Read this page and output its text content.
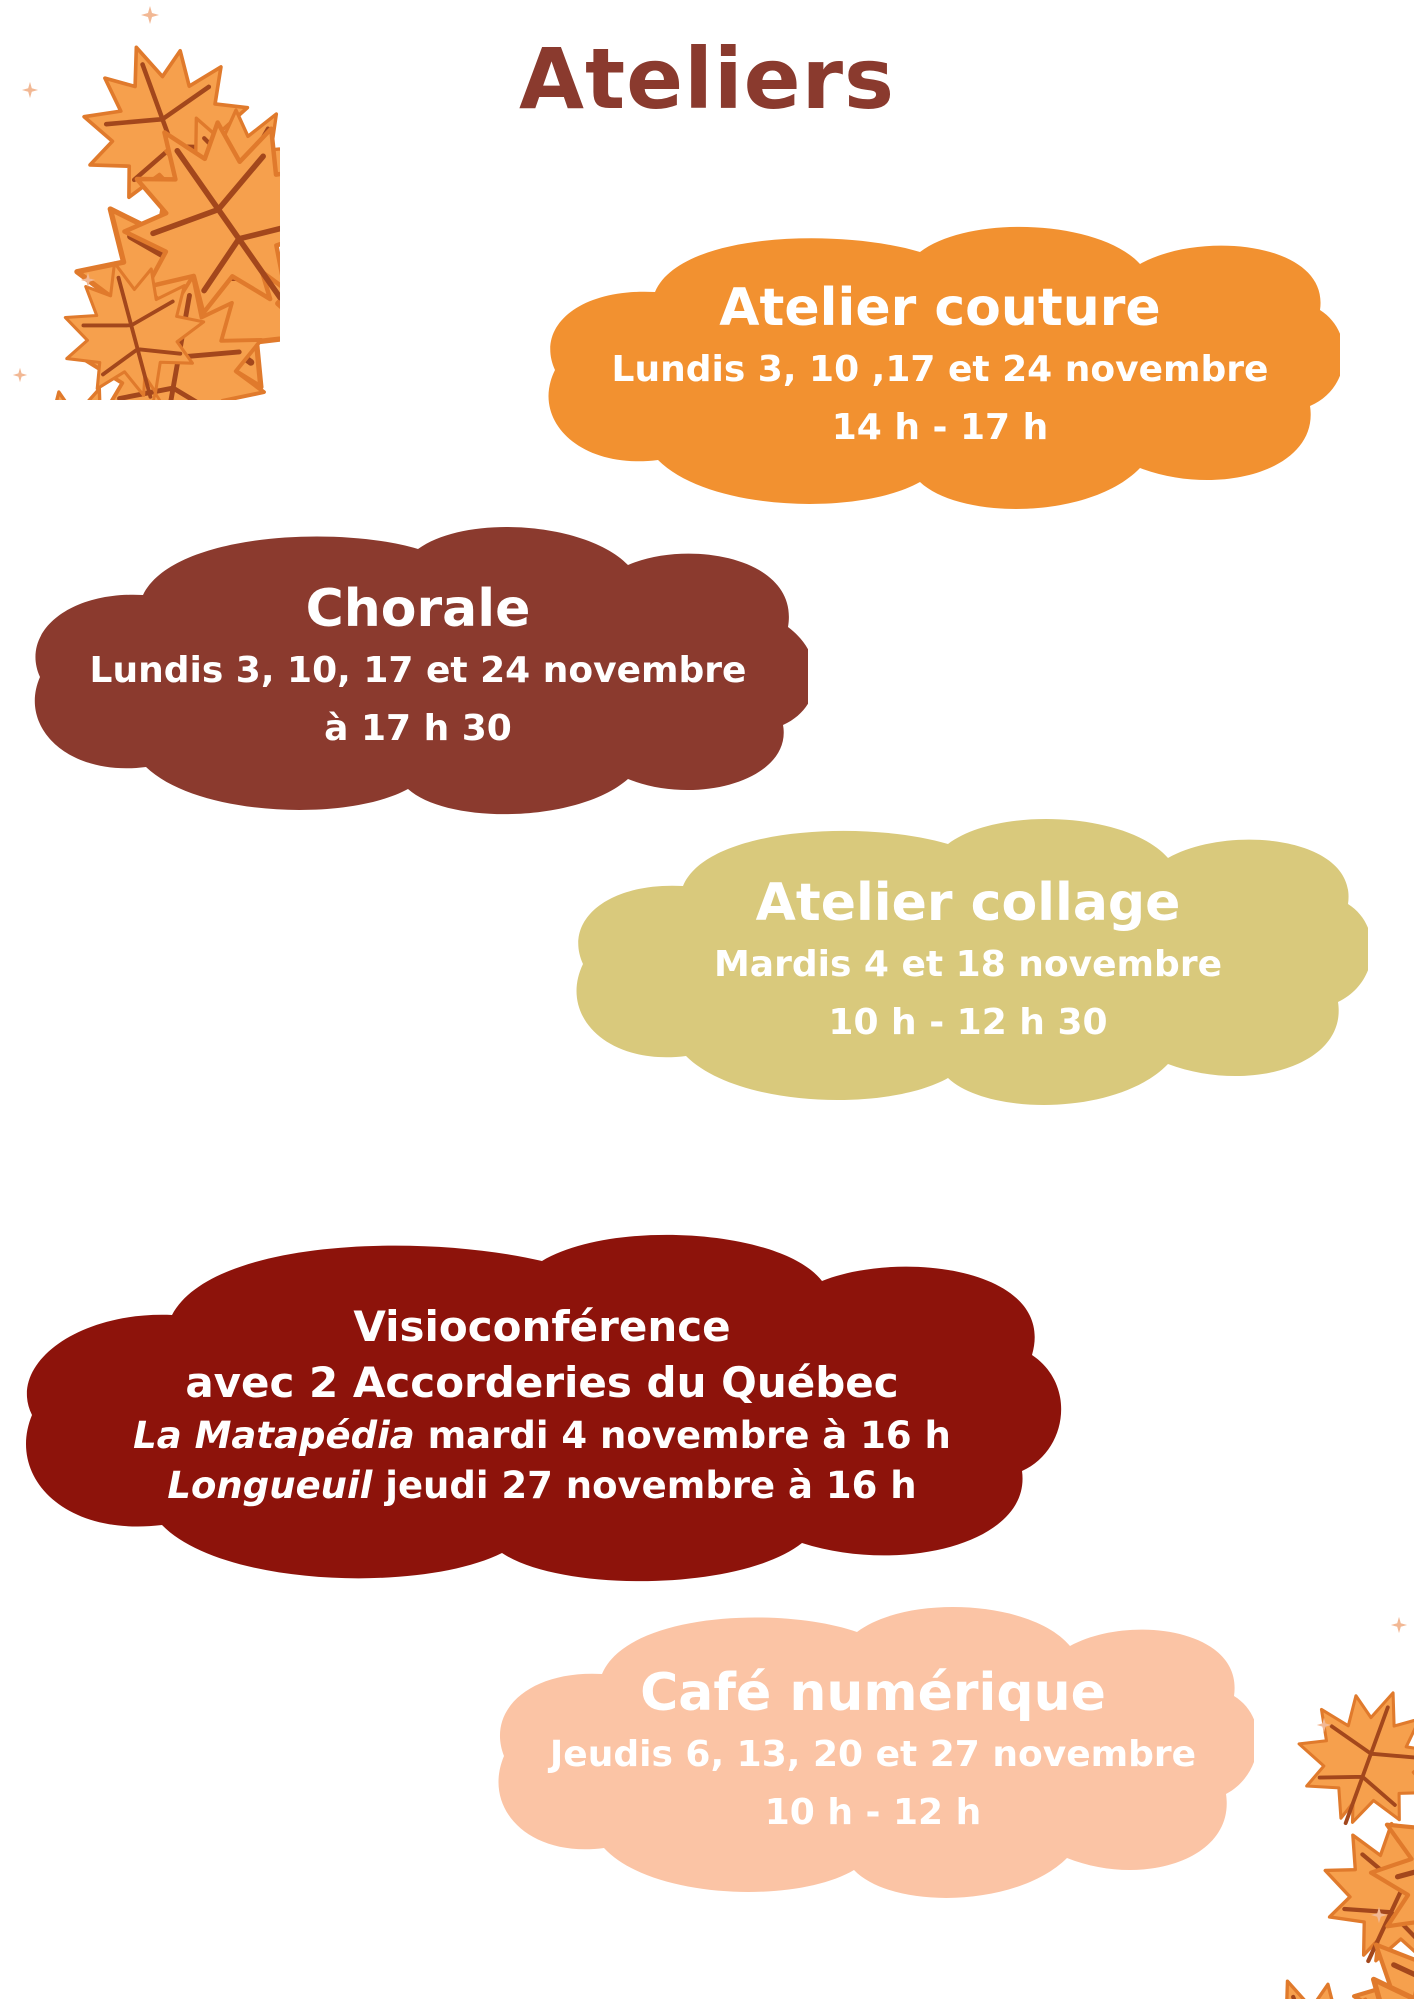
Ateliers
Atelier couture
Lundis 3, 10 ,17 et 24 novembre
14 h - 17 h
Chorale
Lundis 3, 10, 17 et 24 novembre
à 17 h 30
Atelier collage
Mardis 4 et 18 novembre
10 h - 12 h 30
Visioconférence
avec 2 Accorderies du Québec
La Matapédia mardi 4 novembre à 16 h
Longueuil jeudi 27 novembre à 16 h
Café numérique
Jeudis 6, 13, 20 et 27 novembre
10 h - 12 h
